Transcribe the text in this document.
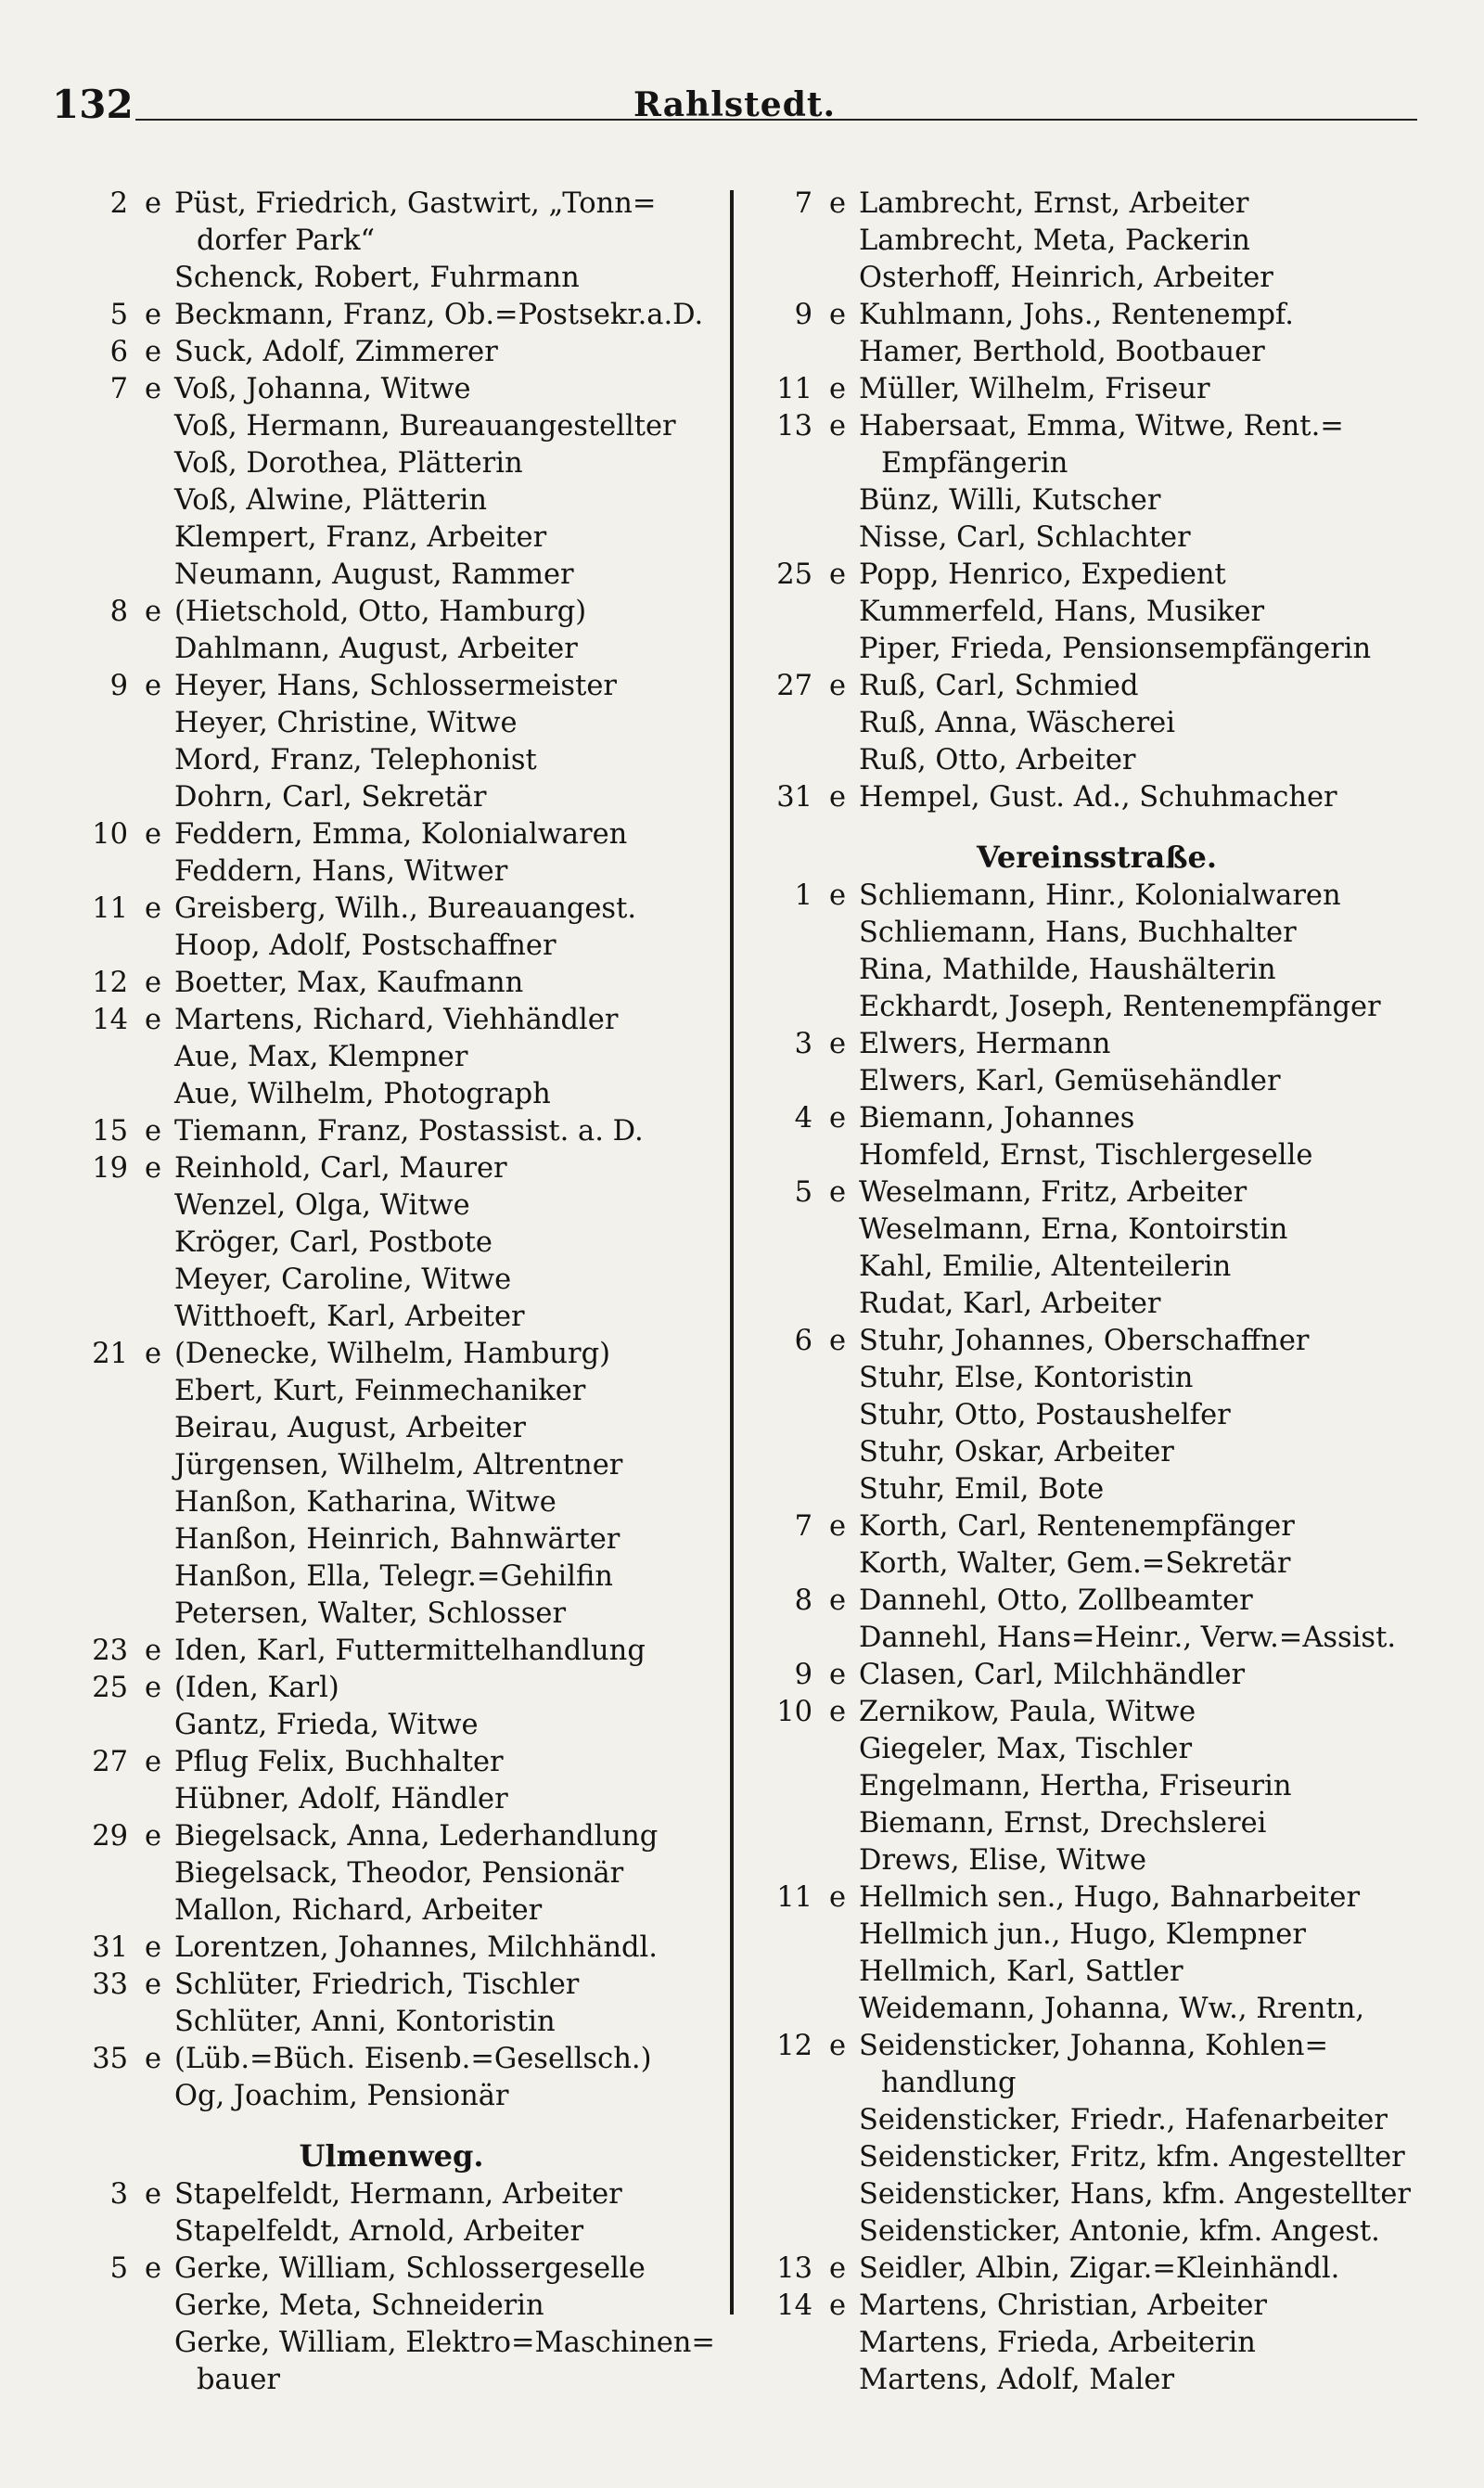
132	Rahlstedt.
2 e Püst, Friedrich, Gastwirt, „Tonn=
dorfer Park“
Schenck, Robert, Fuhrmann
5 e Beckmann, Franz, Ob.=Postsekr.a.D.
6 e Suck, Adolf, Zimmerer
7 e Voß, Johanna, Witwe
Voß, Hermann, Bureauangestellter
Voß, Dorothea, Plätterin
Voß, Alwine, Plätterin
Klempert, Franz, Arbeiter
Neumann, August, Rammer
8 e (Hietschold, Otto, Hamburg)
Dahlmann, August, Arbeiter
9 e Heyer, Hans, Schlossermeister
Heyer, Christine, Witwe
Mord, Franz, Telephonist
Dohrn, Carl, Sekretär
10 e Feddern, Emma, Kolonialwaren
Feddern, Hans, Witwer
11 e Greisberg, Wilh., Bureauangest.
Hoop, Adolf, Postschaffner
12 e Boetter, Max, Kaufmann
14 e Martens, Richard, Viehhändler
Aue, Max, Klempner
Aue, Wilhelm, Photograph
15 e Tiemann, Franz, Postassist. a. D.
19 e Reinhold, Carl, Maurer
Wenzel, Olga, Witwe
Kröger, Carl, Postbote
Meyer, Caroline, Witwe
Witthoeft, Karl, Arbeiter
21 e (Denecke, Wilhelm, Hamburg)
Ebert, Kurt, Feinmechaniker
Beirau, August, Arbeiter
Jürgensen, Wilhelm, Altrentner
Hanßon, Katharina, Witwe
Hanßon, Heinrich, Bahnwärter
Hanßon, Ella, Telegr.=Gehilfin
Petersen, Walter, Schlosser
23 e Iden, Karl, Futtermittelhandlung
25 e (Iden, Karl)
Gantz, Frieda, Witwe
27 e Pflug Felix, Buchhalter
Hübner, Adolf, Händler
29 e Biegelsack, Anna, Lederhandlung
Biegelsack, Theodor, Pensionär
Mallon, Richard, Arbeiter
31 e Lorentzen, Johannes, Milchhändl.
33 e Schlüter, Friedrich, Tischler
Schlüter, Anni, Kontoristin
35 e (Lüb.=Büch. Eisenb.=Gesellsch.)
Og, Joachim, Pensionär
Ulmenweg.
3 e Stapelfeldt, Hermann, Arbeiter
Stapelfeldt, Arnold, Arbeiter
5 e Gerke, William, Schlossergeselle
Gerke, Meta, Schneiderin
Gerke, William, Elektro=Maschinen=
bauer
7 e Lambrecht, Ernst, Arbeiter
Lambrecht, Meta, Packerin
Osterhoff, Heinrich, Arbeiter
9 e Kuhlmann, Johs., Rentenempf.
Hamer, Berthold, Bootbauer
11 e Müller, Wilhelm, Friseur
13 e Habersaat, Emma, Witwe, Rent.=
Empfängerin
Bünz, Willi, Kutscher
Nisse, Carl, Schlachter
25 e Popp, Henrico, Expedient
Kummerfeld, Hans, Musiker
Piper, Frieda, Pensionsempfängerin
27 e Ruß, Carl, Schmied
Ruß, Anna, Wäscherei
Ruß, Otto, Arbeiter
31 e Hempel, Gust. Ad., Schuhmacher
Vereinsstraße.
1 e Schliemann, Hinr., Kolonialwaren
Schliemann, Hans, Buchhalter
Rina, Mathilde, Haushälterin
Eckhardt, Joseph, Rentenempfänger
3 e Elwers, Hermann
Elwers, Karl, Gemüsehändler
4 e Biemann, Johannes
Homfeld, Ernst, Tischlergeselle
5 e Weselmann, Fritz, Arbeiter
Weselmann, Erna, Kontoirstin
Kahl, Emilie, Altenteilerin
Rudat, Karl, Arbeiter
6 e Stuhr, Johannes, Oberschaffner
Stuhr, Else, Kontoristin
Stuhr, Otto, Postaushelfer
Stuhr, Oskar, Arbeiter
Stuhr, Emil, Bote
7 e Korth, Carl, Rentenempfänger
Korth, Walter, Gem.=Sekretär
8 e Dannehl, Otto, Zollbeamter
Dannehl, Hans=Heinr., Verw.=Assist.
9 e Clasen, Carl, Milchhändler
10 e Zernikow, Paula, Witwe
Giegeler, Max, Tischler
Engelmann, Hertha, Friseurin
Biemann, Ernst, Drechslerei
Drews, Elise, Witwe
11 e Hellmich sen., Hugo, Bahnarbeiter
Hellmich jun., Hugo, Klempner
Hellmich, Karl, Sattler
Weidemann, Johanna, Ww., Rrentn,
12 e Seidensticker, Johanna, Kohlen=
handlung
Seidensticker, Friedr., Hafenarbeiter
Seidensticker, Fritz, kfm. Angestellter
Seidensticker, Hans, kfm. Angestellter
Seidensticker, Antonie, kfm. Angest.
13 e Seidler, Albin, Zigar.=Kleinhändl.
14 e Martens, Christian, Arbeiter
Martens, Frieda, Arbeiterin
Martens, Adolf, Maler
